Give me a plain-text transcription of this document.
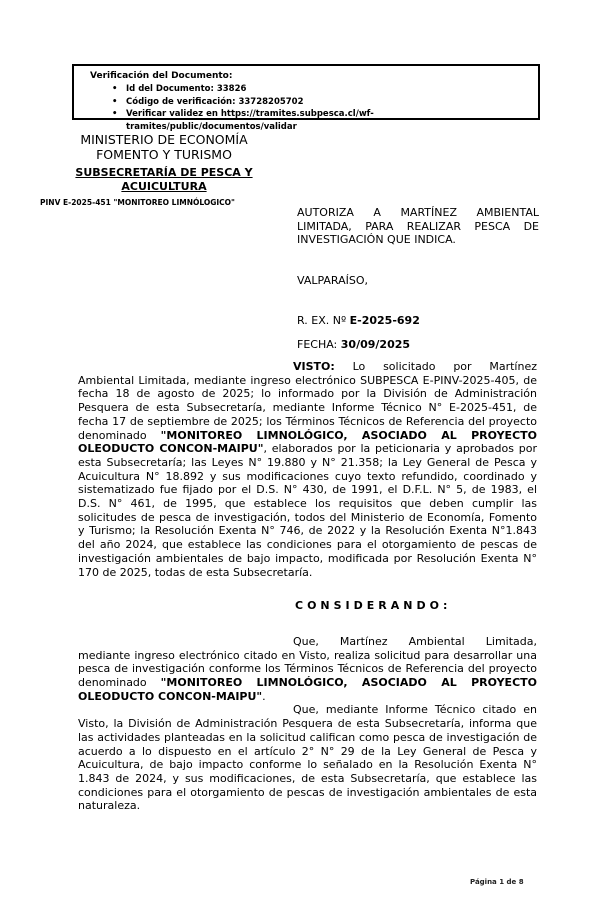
Verificación del Documento:
•	Id del Documento: 33826
•	Código de verificación: 33728205702
•	Verificar validez en https://tramites.subpesca.cl/wf-tramites/public/documentos/validar
MINISTERIO DE ECONOMÍA
FOMENTO Y TURISMO
SUBSECRETARÍA DE PESCA Y
ACUICULTURA
PINV E-2025-451 "MONITOREO LIMNÓLOGICO"
AUTORIZA A MARTÍNEZ AMBIENTAL LIMITADA, PARA REALIZAR PESCA DE INVESTIGACIÓN QUE INDICA.
VALPARAÍSO,
R. EX. Nº E-2025-692
FECHA: 30/09/2025

VISTO: Lo solicitado por Martínez Ambiental Limitada, mediante ingreso electrónico SUBPESCA E-PINV-2025-405, de fecha 18 de agosto de 2025; lo informado por la División de Administración Pesquera de esta Subsecretaría, mediante Informe Técnico N° E-2025-451, de fecha 17 de septiembre de 2025; los Términos Técnicos de Referencia del proyecto denominado "MONITOREO LIMNOLÓGICO, ASOCIADO AL PROYECTO OLEODUCTO CONCON-MAIPU", elaborados por la peticionaria y aprobados por esta Subsecretaría; las Leyes N° 19.880 y N° 21.358; la Ley General de Pesca y Acuicultura N° 18.892 y sus modificaciones cuyo texto refundido, coordinado y sistematizado fue fijado por el D.S. N° 430, de 1991, el D.F.L. N° 5, de 1983, el D.S. N° 461, de 1995, que establece los requisitos que deben cumplir las solicitudes de pesca de investigación, todos del Ministerio de Economía, Fomento y Turismo; la Resolución Exenta N° 746, de 2022 y la Resolución Exenta N°1.843 del año 2024, que establece las condiciones para el otorgamiento de pescas de investigación ambientales de bajo impacto, modificada por Resolución Exenta N° 170 de 2025, todas de esta Subsecretaría.

CONSIDERANDO:

Que, Martínez Ambiental Limitada, mediante ingreso electrónico citado en Visto, realiza solicitud para desarrollar una pesca de investigación conforme los Términos Técnicos de Referencia del proyecto denominado "MONITOREO LIMNOLÓGICO, ASOCIADO AL PROYECTO OLEODUCTO CONCON-MAIPU".

Que, mediante Informe Técnico citado en Visto, la División de Administración Pesquera de esta Subsecretaría, informa que las actividades planteadas en la solicitud califican como pesca de investigación de acuerdo a lo dispuesto en el artículo 2° N° 29 de la Ley General de Pesca y Acuicultura, de bajo impacto conforme lo señalado en la Resolución Exenta N° 1.843 de 2024, y sus modificaciones, de esta Subsecretaría, que establece las condiciones para el otorgamiento de pescas de investigación ambientales de esta naturaleza.

Página 1 de 8
